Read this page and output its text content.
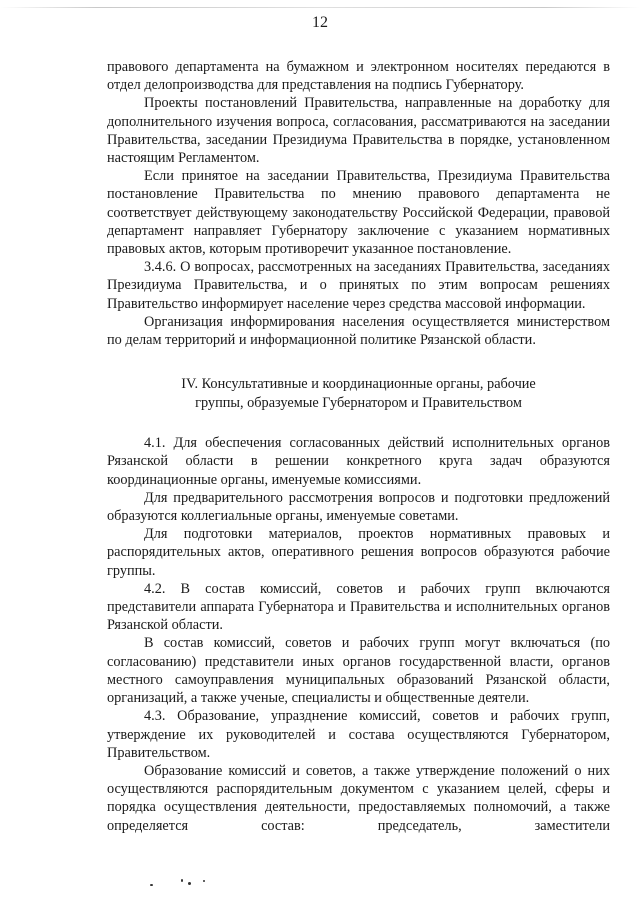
12

правового департамента на бумажном и электронном носителях передаются в отдел делопроизводства для представления на подпись Губернатору.

Проекты постановлений Правительства, направленные на доработку для дополнительного изучения вопроса, согласования, рассматриваются на заседании Правительства, заседании Президиума Правительства в порядке, установленном настоящим Регламентом.

Если принятое на заседании Правительства, Президиума Правительства постановление Правительства по мнению правового департамента не соответствует действующему законодательству Российской Федерации, правовой департамент направляет Губернатору заключение с указанием нормативных правовых актов, которым противоречит указанное постановление.

3.4.6. О вопросах, рассмотренных на заседаниях Правительства, заседаниях Президиума Правительства, и о принятых по этим вопросам решениях Правительство информирует население через средства массовой информации.

Организация информирования населения осуществляется министерством по делам территорий и информационной политике Рязанской области.

IV. Консультативные и координационные органы, рабочие
группы, образуемые Губернатором и Правительством

4.1. Для обеспечения согласованных действий исполнительных органов Рязанской области в решении конкретного круга задач образуются координационные органы, именуемые комиссиями.

Для предварительного рассмотрения вопросов и подготовки предложений образуются коллегиальные органы, именуемые советами.

Для подготовки материалов, проектов нормативных правовых и распорядительных актов, оперативного решения вопросов образуются рабочие группы.

4.2. В состав комиссий, советов и рабочих групп включаются представители аппарата Губернатора и Правительства и исполнительных органов Рязанской области.

В состав комиссий, советов и рабочих групп могут включаться (по согласованию) представители иных органов государственной власти, органов местного самоуправления муниципальных образований Рязанской области, организаций, а также ученые, специалисты и общественные деятели.

4.3. Образование, упразднение комиссий, советов и рабочих групп, утверждение их руководителей и состава осуществляются Губернатором, Правительством.

Образование комиссий и советов, а также утверждение положений о них осуществляются распорядительным документом с указанием целей, сферы и порядка осуществления деятельности, предоставляемых полномочий, а также определяется состав: председатель, заместители
